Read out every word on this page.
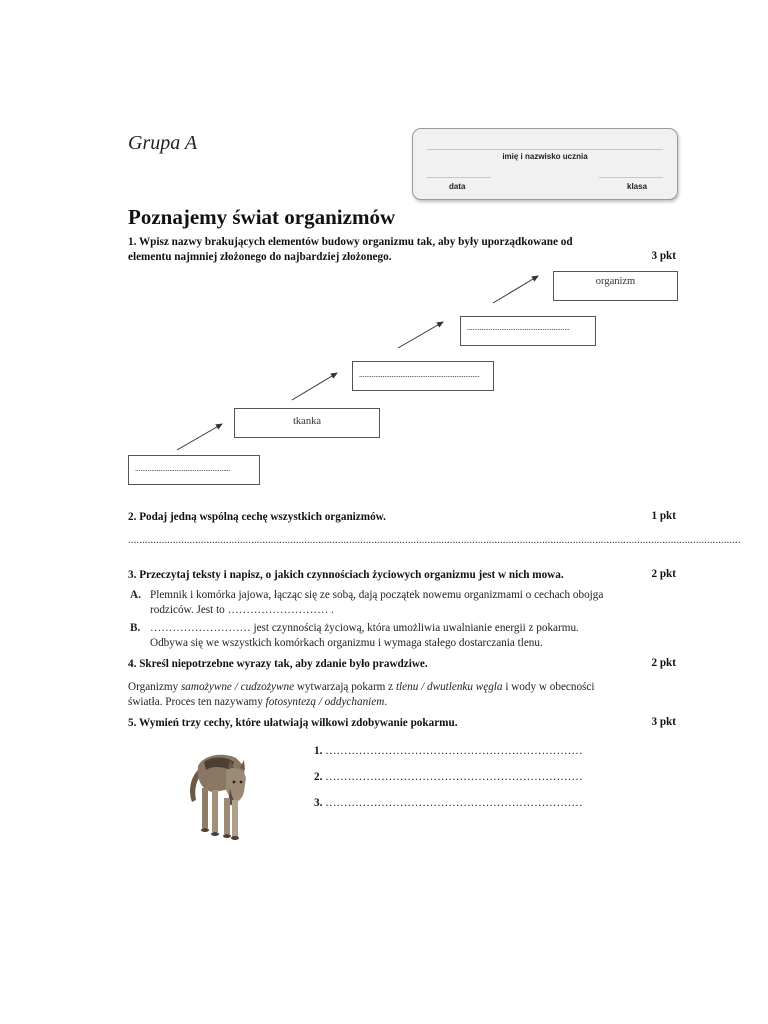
Grupa A
imię i nazwisko ucznia
data	klasa
Poznajemy świat organizmów
1. Wpisz nazwy brakujących elementów budowy organizmu tak, aby były uporządkowane od
elementu najmniej złożonego do najbardziej złożonego.	3 pkt
.....................................................
tkanka
...................................................................
.........................................................
organizm
2. Podaj jedną wspólną cechę wszystkich organizmów.	1 pkt
...........................................................................................................................................................................................................................
3. Przeczytaj teksty i napisz, o jakich czynnościach życiowych organizmu jest w nich mowa.	2 pkt
A. Plemnik i komórka jajowa, łącząc się ze sobą, dają początek nowemu organizmami o cechach obojga
rodziców. Jest to ……………………… .
B. ……………………… jest czynnością życiową, która umożliwia uwalnianie energii z pokarmu.
Odbywa się we wszystkich komórkach organizmu i wymaga stałego dostarczania tlenu.
4. Skreśl niepotrzebne wyrazy tak, aby zdanie było prawdziwe.	2 pkt
Organizmy samożywne / cudzożywne wytwarzają pokarm z tlenu / dwutlenku węgla i wody w obecności
światła. Proces ten nazywamy fotosyntezą / oddychaniem.
5. Wymień trzy cechy, które ułatwiają wilkowi zdobywanie pokarmu.	3 pkt
1. ……………………………………………………………
2. ……………………………………………………………
3. ……………………………………………………………
